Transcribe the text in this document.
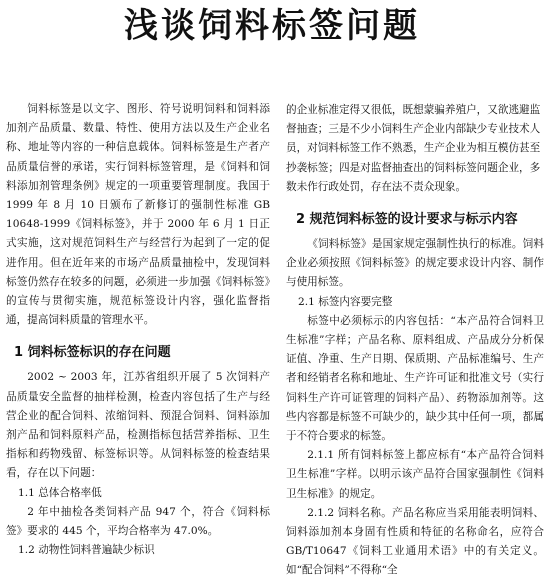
浅谈饲料标签问题

饲料标签是以文字、图形、符号说明饲料和饲料添加剂产品质量、数量、特性、使用方法以及生产企业名称、地址等内容的一种信息载体。饲料标签是生产者产品质量信誉的承诺，实行饲料标签管理，是《饲料和饲料添加剂管理条例》规定的一项重要管理制度。我国于 1999 年 8 月 10 日颁布了新修订的强制性标准 GB 10648-1999《饲料标签》，并于 2000 年 6 月 1 日正式实施，这对规范饲料生产与经营行为起到了一定的促进作用。但在近年来的市场产品质量抽检中，发现饲料标签仍然存在较多的问题，必须进一步加强《饲料标签》的宣传与贯彻实施，规范标签设计内容，强化监督指通，提高饲料质量的管理水平。

1 饲料标签标识的存在问题

2002 ~ 2003 年，江苏省组织开展了 5 次饲料产品质量安全监督的抽样检测，检查内容包括了生产与经营企业的配合饲料、浓缩饲料、预混合饲料、饲料添加剂产品和饲料原料产品，检测指标包括营养指标、卫生指标和药物残留、标签标识等。从饲料标签的检查结果看，存在以下问题：

1.1 总体合格率低

2 年中抽检各类饲料产品 947 个，符合《饲料标签》要求的 445 个，平均合格率为 47.0%。

1.2 动物性饲料普遍缺少标识

的企业标准定得又很低，既想蒙骗养殖户，又欲逃避监督抽查；三是不少小饲料生产企业内部缺少专业技术人员，对饲料标签工作不熟悉，生产企业为相互模仿甚至抄袭标签；四是对监督抽查出的饲料标签问题企业，多数未作行政处罚，存在法不责众现象。

2 规范饲料标签的设计要求与标示内容

《饲料标签》是国家规定强制性执行的标准。饲料企业必须按照《饲料标签》的规定要求设计内容、制作与使用标签。

2.1 标签内容要完整

标签中必须标示的内容包括：“本产品符合饲料卫生标准”字样；产品名称、原料组成、产品成分分析保证值、净重、生产日期、保质期、产品标准编号、生产者和经销者名称和地址、生产许可证和批准文号（实行饲料生产许可证管理的饲料产品）、药物添加剂等。这些内容都是标签不可缺少的，缺少其中任何一项，都属于不符合要求的标签。

2.1.1 所有饲料标签上都应标有“本产品符合饲料卫生标准”字样。以明示该产品符合国家强制性《饲料卫生标准》的规定。

2.1.2 饲料名称。产品名称应当采用能表明饲料、饲料添加剂本身固有性质和特征的名称命名，应符合GB/T10647《饲料工业通用术语》中的有关定义。如“配合饲料”不得称“全
